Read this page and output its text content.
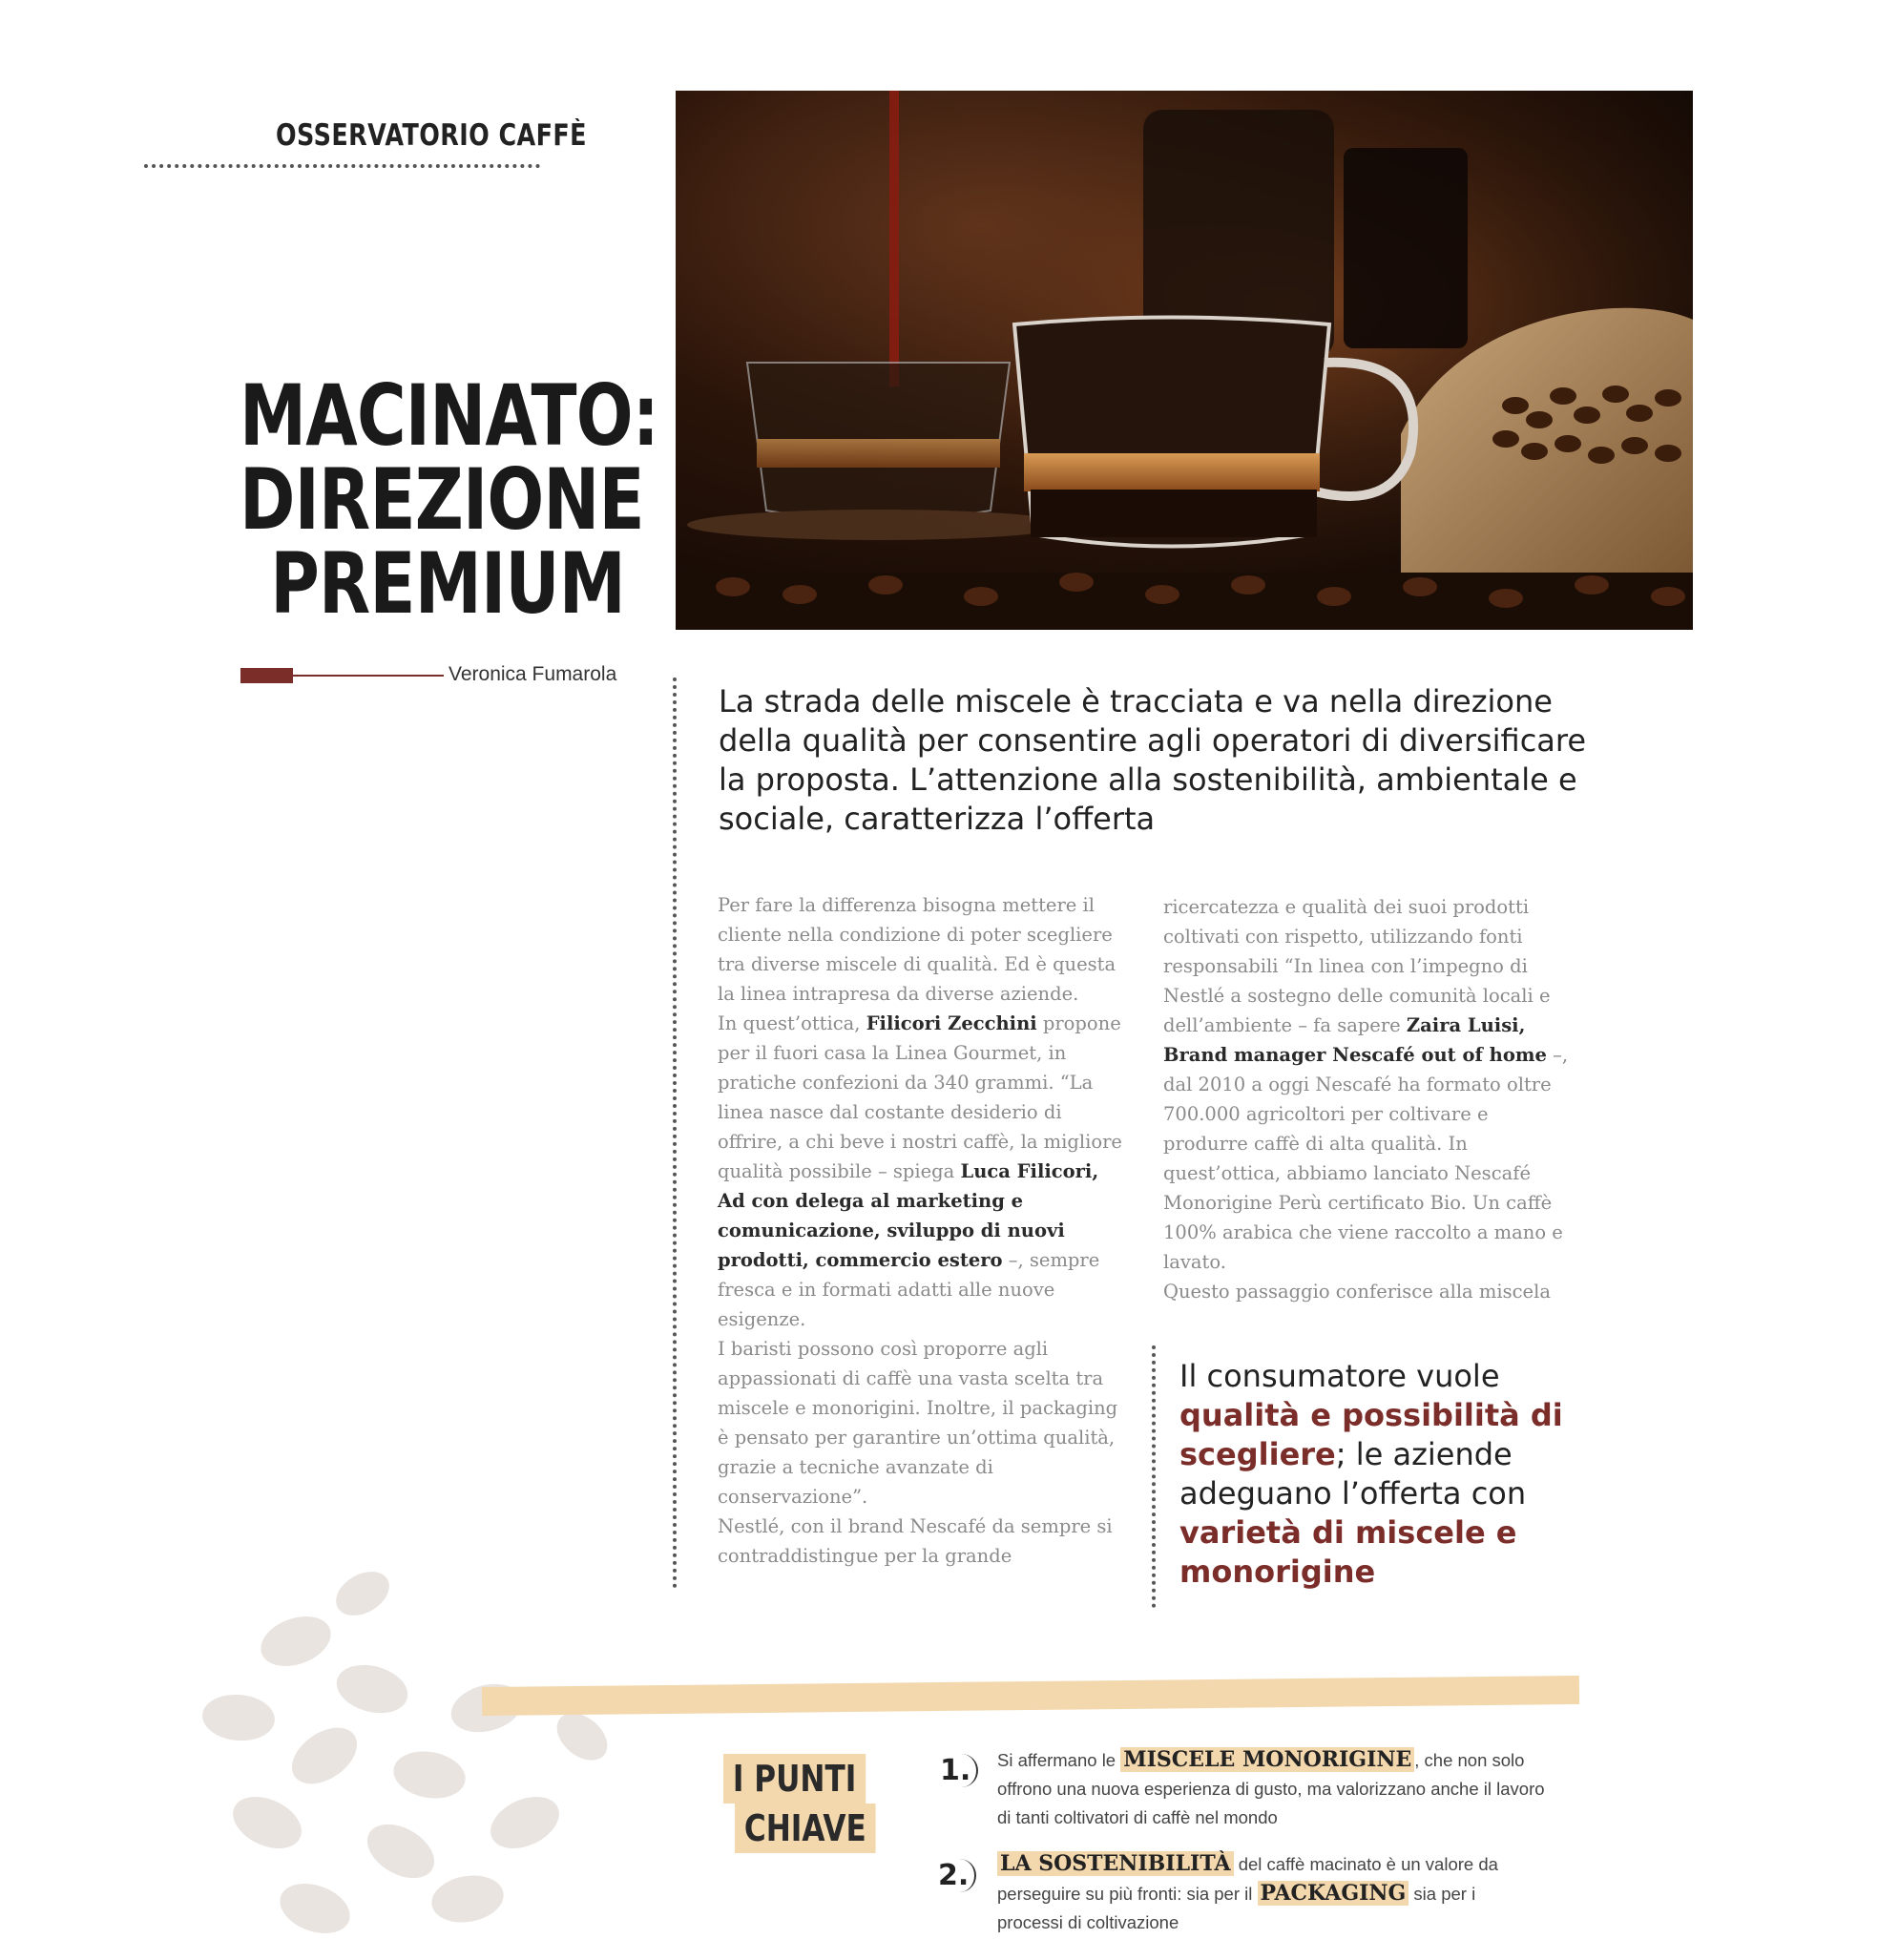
OSSERVATORIO CAFFÈ
MACINATO:
DIREZIONE
PREMIUM
Veronica Fumarola
La strada delle miscele è tracciata e va nella direzione della qualità per consentire agli operatori di diversificare la proposta. L’attenzione alla sostenibilità, ambientale e sociale, caratterizza l’offerta

Per fare la differenza bisogna mettere il cliente nella condizione di poter scegliere tra diverse miscele di qualità. Ed è questa la linea intrapresa da diverse aziende.

In quest’ottica, Filicori Zecchini propone per il fuori casa la Linea Gourmet, in pratiche confezioni da 340 grammi. “La linea nasce dal costante desiderio di offrire, a chi beve i nostri caffè, la migliore qualità possibile – spiega Luca Filicori, Ad con delega al marketing e comunicazione, sviluppo di nuovi prodotti, commercio estero –, sempre fresca e in formati adatti alle nuove esigenze.

I baristi possono così proporre agli appassionati di caffè una vasta scelta tra miscele e monorigini. Inoltre, il packaging è pensato per garantire un’ottima qualità, grazie a tecniche avanzate di conservazione”.

Nestlé, con il brand Nescafé da sempre si contraddistingue per la grande

ricercatezza e qualità dei suoi prodotti coltivati con rispetto, utilizzando fonti responsabili “In linea con l’impegno di Nestlé a sostegno delle comunità locali e dell’ambiente – fa sapere Zaira Luisi, Brand manager Nescafé out of home –, dal 2010 a oggi Nescafé ha formato oltre 700.000 agricoltori per coltivare e produrre caffè di alta qualità. In quest’ottica, abbiamo lanciato Nescafé Monorigine Perù certificato Bio. Un caffè 100% arabica che viene raccolto a mano e lavato.

Questo passaggio conferisce alla miscela

Il consumatore vuole qualità e possibilità di scegliere; le aziende adeguano l’offerta con varietà di miscele e monorigine
I PUNTI
CHIAVE
1.	Si affermano le MISCELE MONORIGINE , che non solo offrono una nuova esperienza di gusto, ma valorizzano anche il lavoro di tanti coltivatori di caffè nel mondo
2.	LA SOSTENIBILITÀ del caffè macinato è un valore da perseguire su più fronti: sia per il PACKAGING sia per i processi di coltivazione
